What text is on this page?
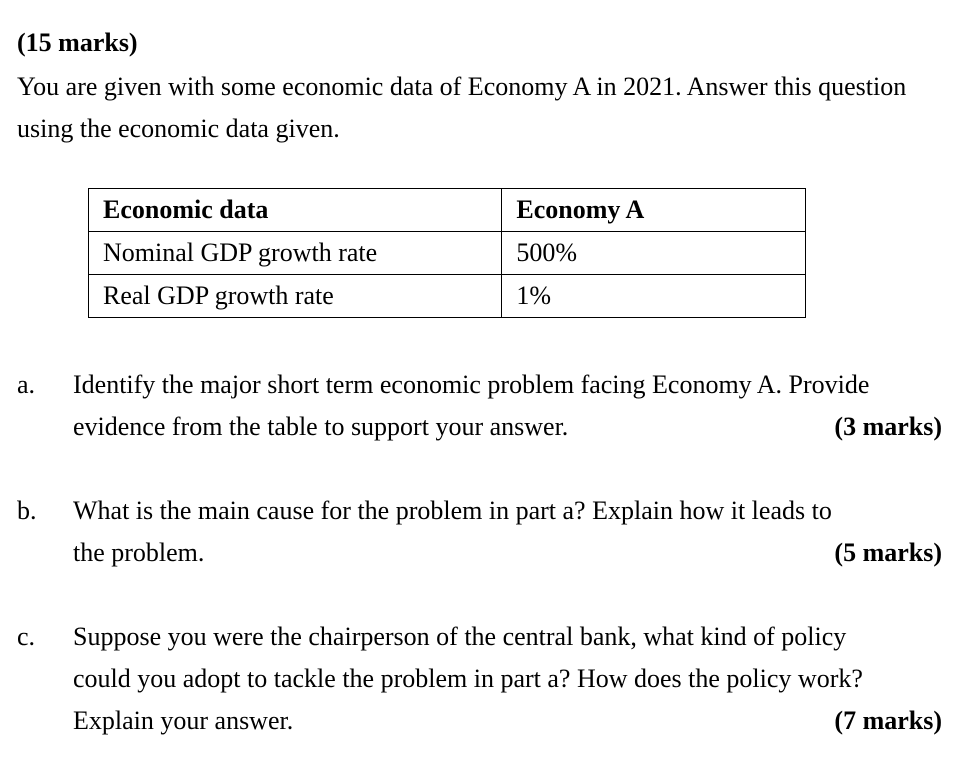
(15 marks)
You are given with some economic data of Economy A in 2021. Answer this question using the economic data given.
Economic data	Economy A
Nominal GDP growth rate	500%
Real GDP growth rate	1%
a. Identify the major short term economic problem facing Economy A. Provide
evidence from the table to support your answer.	(3 marks)
b. What is the main cause for the problem in part a? Explain how it leads to
the problem.	(5 marks)
c. Suppose you were the chairperson of the central bank, what kind of policy
could you adopt to tackle the problem in part a? How does the policy work?
Explain your answer.	(7 marks)
